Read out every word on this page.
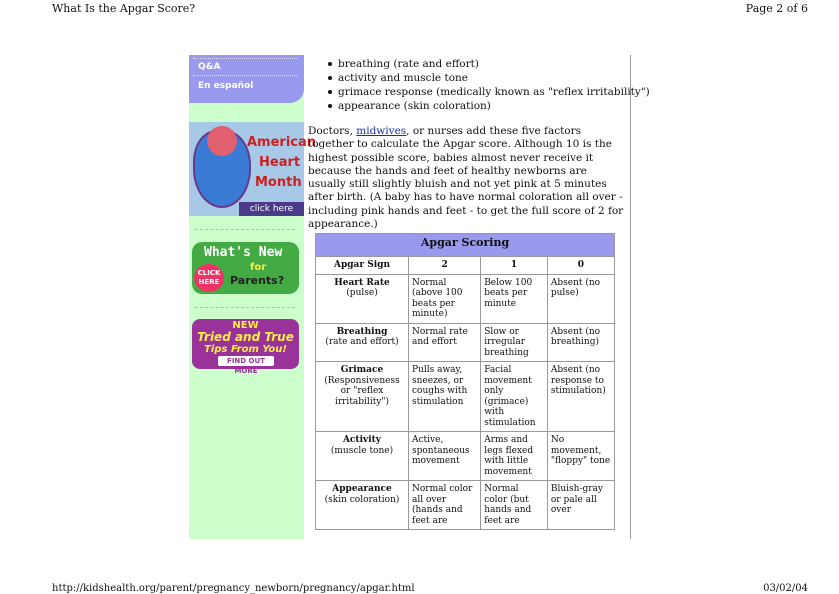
What Is the Apgar Score?	Page 2 of 6
Q&A
En español
American
Heart
Month
click here
What's New
for
Parents?
CLICK
HERE
NEW
Tried and True
Tips From You!
FIND OUT MORE
breathing (rate and effort)
activity and muscle tone
grimace response (medically known as "reflex irritability")
appearance (skin coloration)

Doctors, midwives, or nurses add these five factors together to calculate the Apgar score. Although 10 is the highest possible score, babies almost never receive it because the hands and feet of healthy newborns are usually still slightly bluish and not yet pink at 5 minutes after birth. (A baby has to have normal coloration all over - including pink hands and feet - to get the full score of 2 for appearance.)

Apgar Scoring			
Apgar Sign	2	1	0

Heart Rate
(pulse)	Normal (above 100 beats per minute)	Below 100 beats per minute	Absent (no pulse)

Breathing
(rate and effort)	Normal rate and effort	Slow or irregular breathing	Absent (no breathing)

Grimace
(Responsiveness or "reflex irritability")	Pulls away, sneezes, or coughs with stimulation	Facial movement only (grimace) with stimulation	Absent (no response to stimulation)

Activity
(muscle tone)	Active, spontaneous movement	Arms and legs flexed with little movement	No movement, "floppy" tone

Appearance
(skin coloration)	Normal color all over (hands and feet are	Normal color (but hands and feet are	Bluish-gray or pale all over
http://kidshealth.org/parent/pregnancy_newborn/pregnancy/apgar.html	03/02/04
